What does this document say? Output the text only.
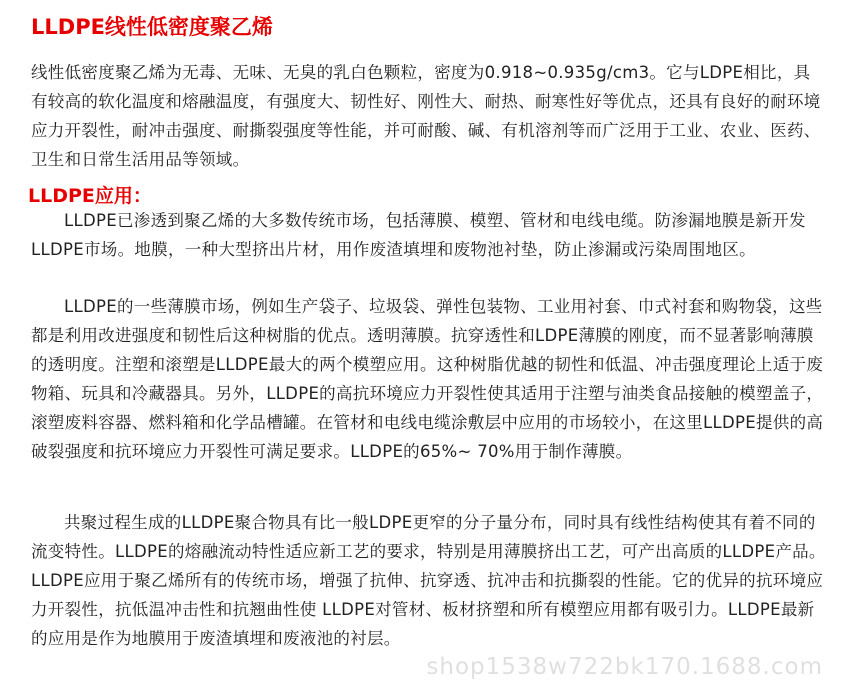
LLDPE线性低密度聚乙烯

线性低密度聚乙烯为无毒、无味、无臭的乳白色颗粒，密度为0.918~0.935g/cm3。它与LDPE相比，具有较高的软化温度和熔融温度，有强度大、韧性好、刚性大、耐热、耐寒性好等优点，还具有良好的耐环境应力开裂性，耐冲击强度、耐撕裂强度等性能，并可耐酸、碱、有机溶剂等而广泛用于工业、农业、医药、卫生和日常生活用品等领域。

LLDPE应用：

LLDPE已渗透到聚乙烯的大多数传统市场，包括薄膜、模塑、管材和电线电缆。防渗漏地膜是新开发LLDPE市场。地膜，一种大型挤出片材，用作废渣填埋和废物池衬垫，防止渗漏或污染周围地区。

LLDPE的一些薄膜市场，例如生产袋子、垃圾袋、弹性包装物、工业用衬套、巾式衬套和购物袋，这些都是利用改进强度和韧性后这种树脂的优点。透明薄膜。抗穿透性和LDPE薄膜的刚度，而不显著影响薄膜的透明度。注塑和滚塑是LLDPE最大的两个模塑应用。这种树脂优越的韧性和低温、冲击强度理论上适于废物箱、玩具和冷藏器具。另外，LLDPE的高抗环境应力开裂性使其适用于注塑与油类食品接触的模塑盖子，滚塑废料容器、燃料箱和化学品槽罐。在管材和电线电缆涂敷层中应用的市场较小，在这里LLDPE提供的高破裂强度和抗环境应力开裂性可满足要求。LLDPE的65%~ 70%用于制作薄膜。

共聚过程生成的LLDPE聚合物具有比一般LDPE更窄的分子量分布，同时具有线性结构使其有着不同的流变特性。LLDPE的熔融流动特性适应新工艺的要求，特别是用薄膜挤出工艺，可产出高质的LLDPE产品。LLDPE应用于聚乙烯所有的传统市场，增强了抗伸、抗穿透、抗冲击和抗撕裂的性能。它的优异的抗环境应力开裂性，抗低温冲击性和抗翘曲性使 LLDPE对管材、板材挤塑和所有模塑应用都有吸引力。LLDPE最新的应用是作为地膜用于废渣填埋和废液池的衬层。

shop1538w722bk170.1688.com
